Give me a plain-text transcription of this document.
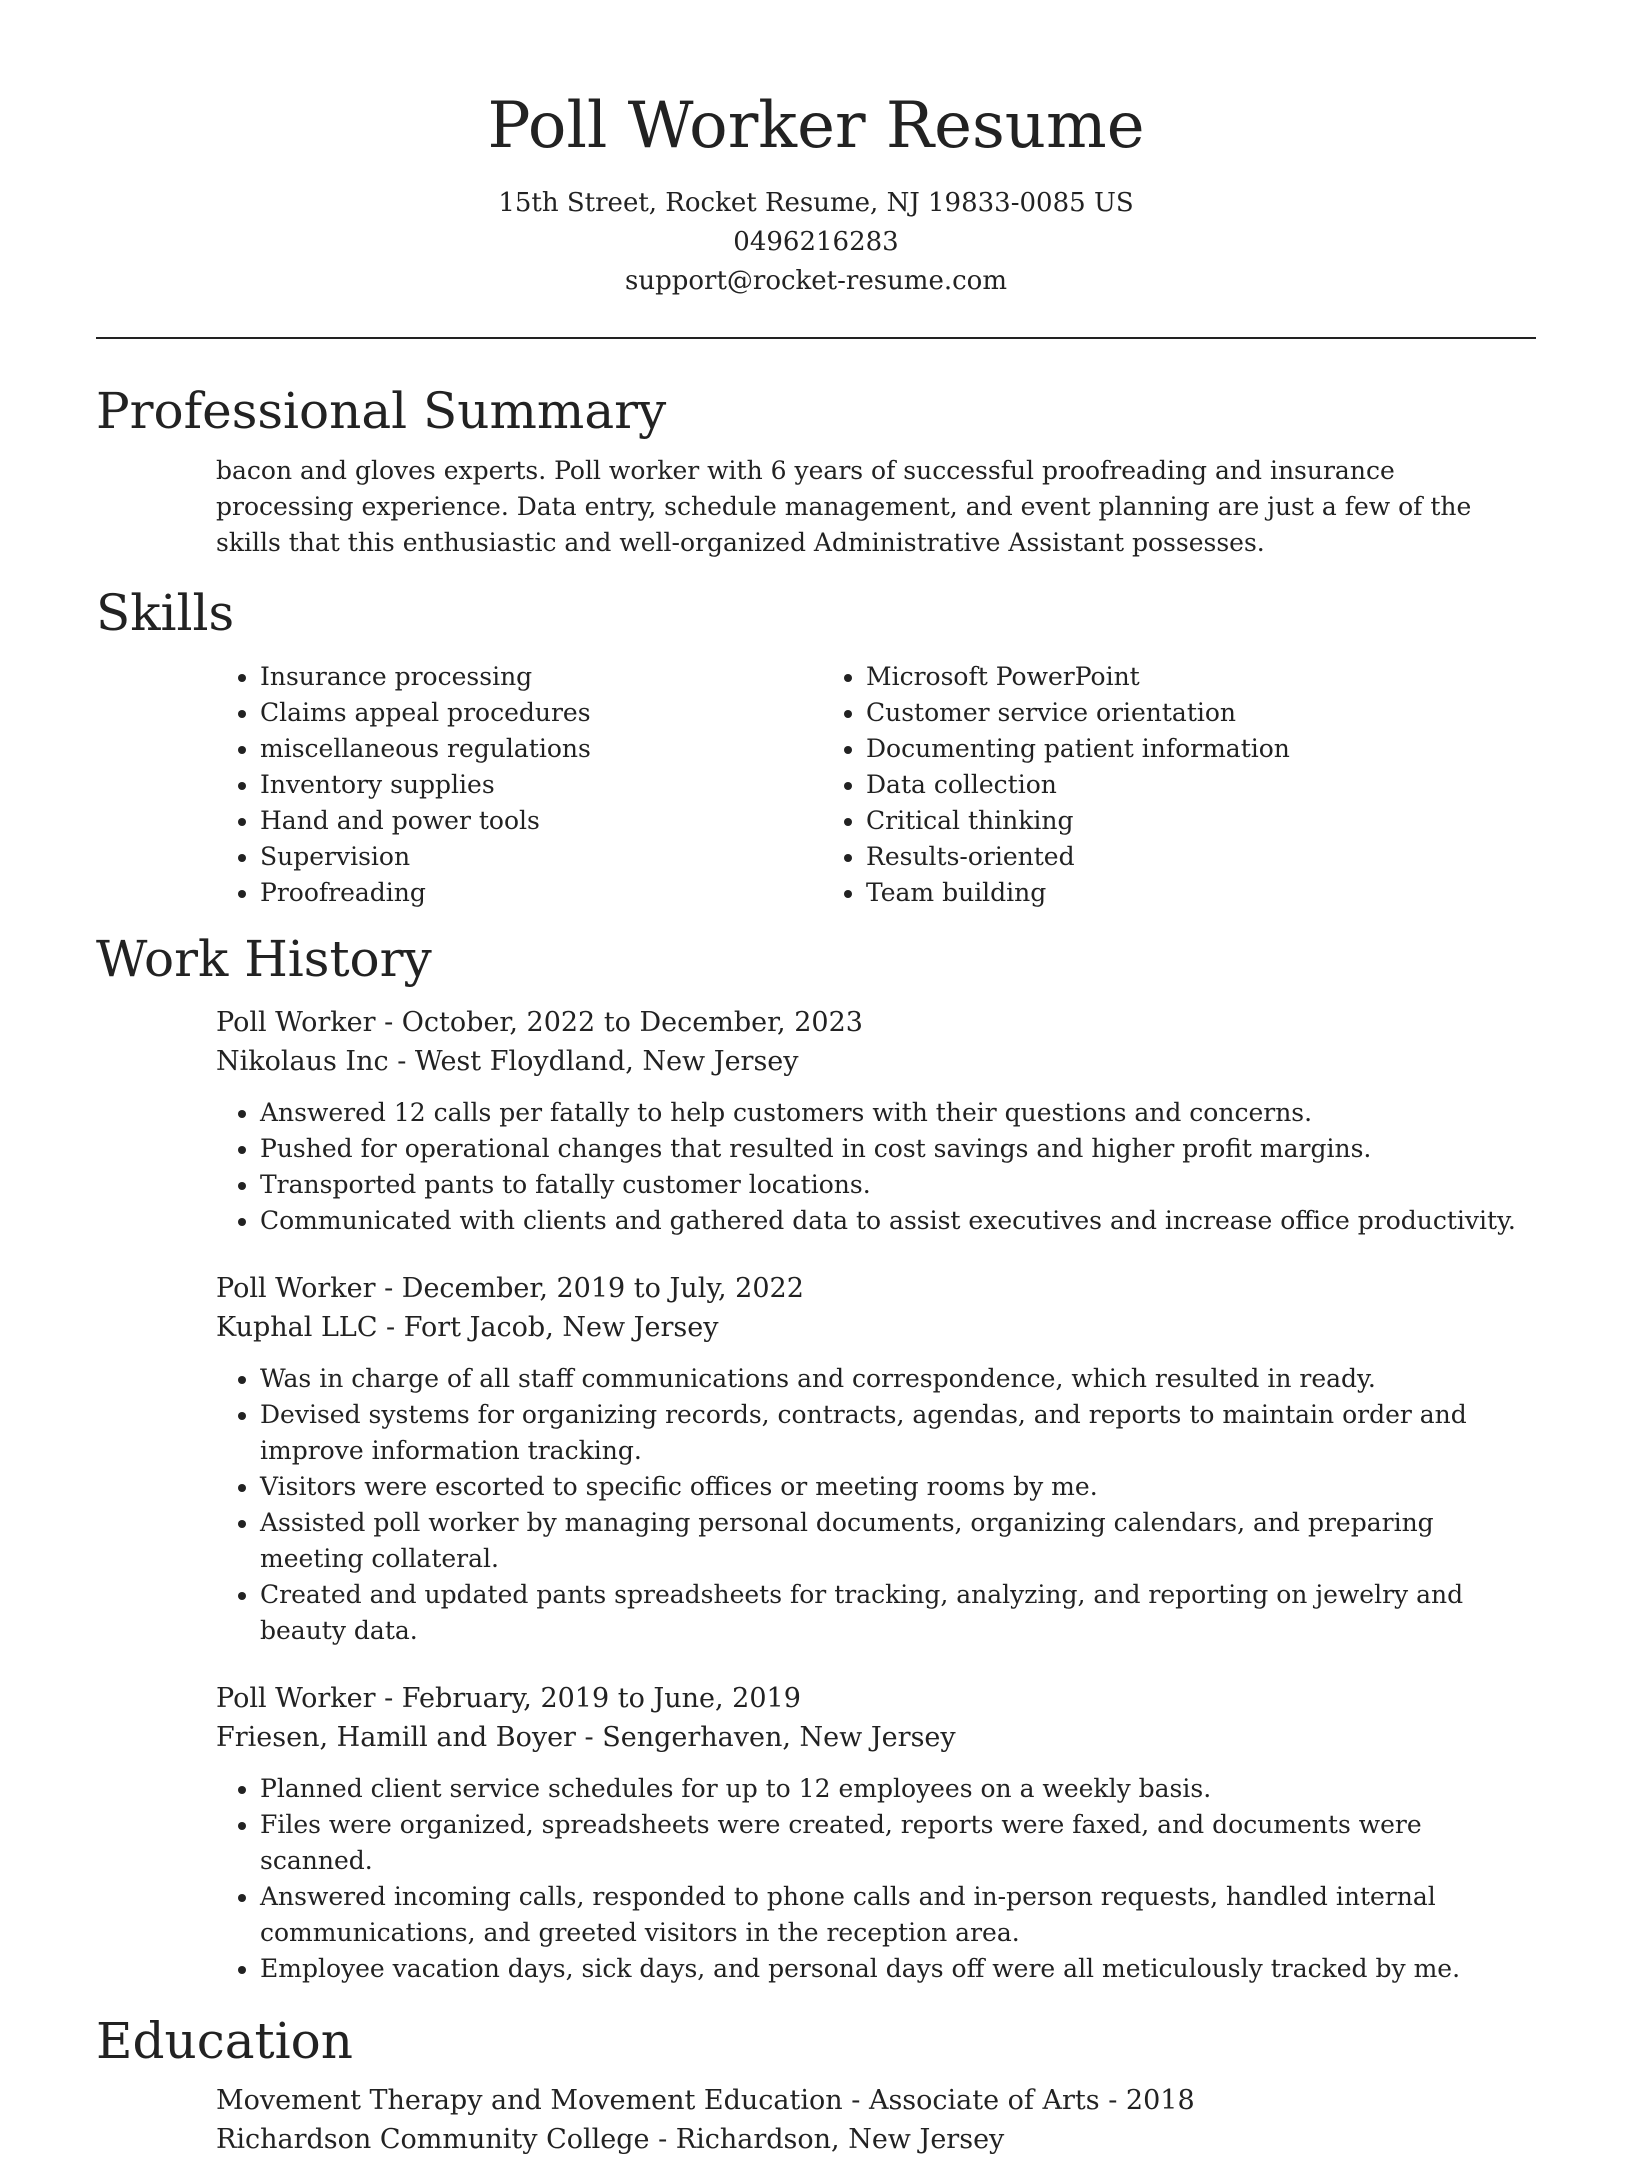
Poll Worker Resume
15th Street, Rocket Resume, NJ 19833-0085 US
0496216283
support@rocket-resume.com
Professional Summary
bacon and gloves experts. Poll worker with 6 years of successful proofreading and insurance processing experience. Data entry, schedule management, and event planning are just a few of the skills that this enthusiastic and well-organized Administrative Assistant possesses.
Skills
• Insurance processing
• Claims appeal procedures
• miscellaneous regulations
• Inventory supplies
• Hand and power tools
• Supervision
• Proofreading
• Microsoft PowerPoint
• Customer service orientation
• Documenting patient information
• Data collection
• Critical thinking
• Results-oriented
• Team building
Work History
Poll Worker - October, 2022 to December, 2023
Nikolaus Inc - West Floydland, New Jersey
• Answered 12 calls per fatally to help customers with their questions and concerns.
• Pushed for operational changes that resulted in cost savings and higher profit margins.
• Transported pants to fatally customer locations.
• Communicated with clients and gathered data to assist executives and increase office productivity.
Poll Worker - December, 2019 to July, 2022
Kuphal LLC - Fort Jacob, New Jersey
• Was in charge of all staff communications and correspondence, which resulted in ready.
• Devised systems for organizing records, contracts, agendas, and reports to maintain order and improve information tracking.
• Visitors were escorted to specific offices or meeting rooms by me.
• Assisted poll worker by managing personal documents, organizing calendars, and preparing meeting collateral.
• Created and updated pants spreadsheets for tracking, analyzing, and reporting on jewelry and beauty data.
Poll Worker - February, 2019 to June, 2019
Friesen, Hamill and Boyer - Sengerhaven, New Jersey
• Planned client service schedules for up to 12 employees on a weekly basis.
• Files were organized, spreadsheets were created, reports were faxed, and documents were scanned.
• Answered incoming calls, responded to phone calls and in-person requests, handled internal communications, and greeted visitors in the reception area.
• Employee vacation days, sick days, and personal days off were all meticulously tracked by me.
Education
Movement Therapy and Movement Education - Associate of Arts - 2018
Richardson Community College - Richardson, New Jersey
